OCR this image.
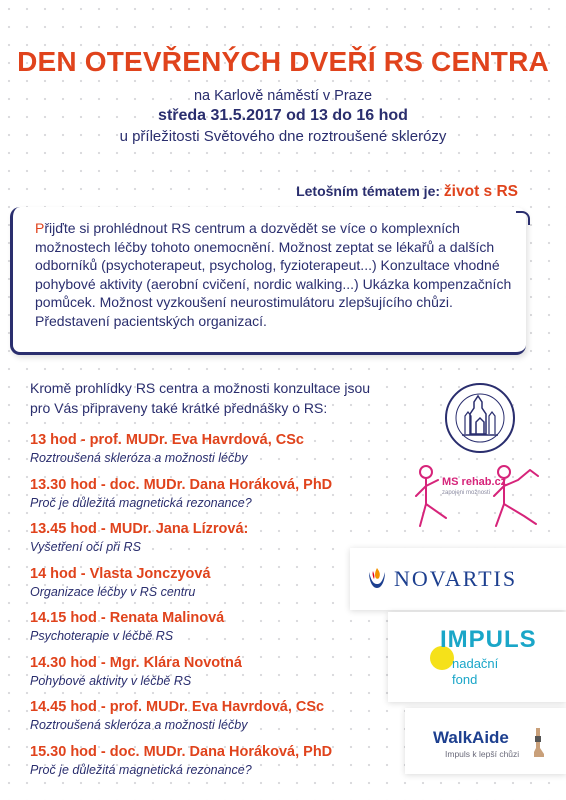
DEN OTEVŘENÝCH DVEŘÍ RS CENTRA
na Karlově náměstí v Praze
středa 31.5.2017 od 13 do 16 hod
u příležitosti Světového dne roztroušené sklerózy
Letošním tématem je: život s RS

Přijďte si prohlédnout RS centrum a dozvědět se více o komplexních možnostech léčby tohoto onemocnění. Možnost zeptat se lékařů a dalších odborníků (psychoterapeut, psycholog, fyzioterapeut...) Konzultace vhodné pohybové aktivity (aerobní cvičení, nordic walking...) Ukázka kompenzačních pomůcek. Možnost vyzkoušení neurostimulátoru zlepšujícího chůzi. Představení pacientských organizací.

Kromě prohlídky RS centra a možnosti konzultace jsou
pro Vás připraveny také krátké přednášky o RS:
13 hod - prof. MUDr. Eva Havrdová, CSc
Roztroušená skleróza a možnosti léčby
13.30 hod - doc. MUDr. Dana Horáková, PhD
Proč je důležitá magnetická rezonance?
13.45 hod - MUDr. Jana Lízrová:
Vyšetření očí při RS
14 hod - Vlasta Jonczyová
Organizace léčby v RS centru
14.15 hod - Renata Malinová
Psychoterapie v léčbě RS
14.30 hod - Mgr. Klára Novotná
Pohybové aktivity v léčbě RS
14.45 hod - prof. MUDr. Eva Havrdová, CSc
Roztroušená skleróza a možnosti léčby
15.30 hod - doc. MUDr. Dana Horáková, PhD
Proč je důležitá magnetická rezonance?
MS rehab.cz
zapojeni možnosti
NOVARTIS
IMPULS
nadační
fond
WalkAide
Impuls k lepší chůzi
